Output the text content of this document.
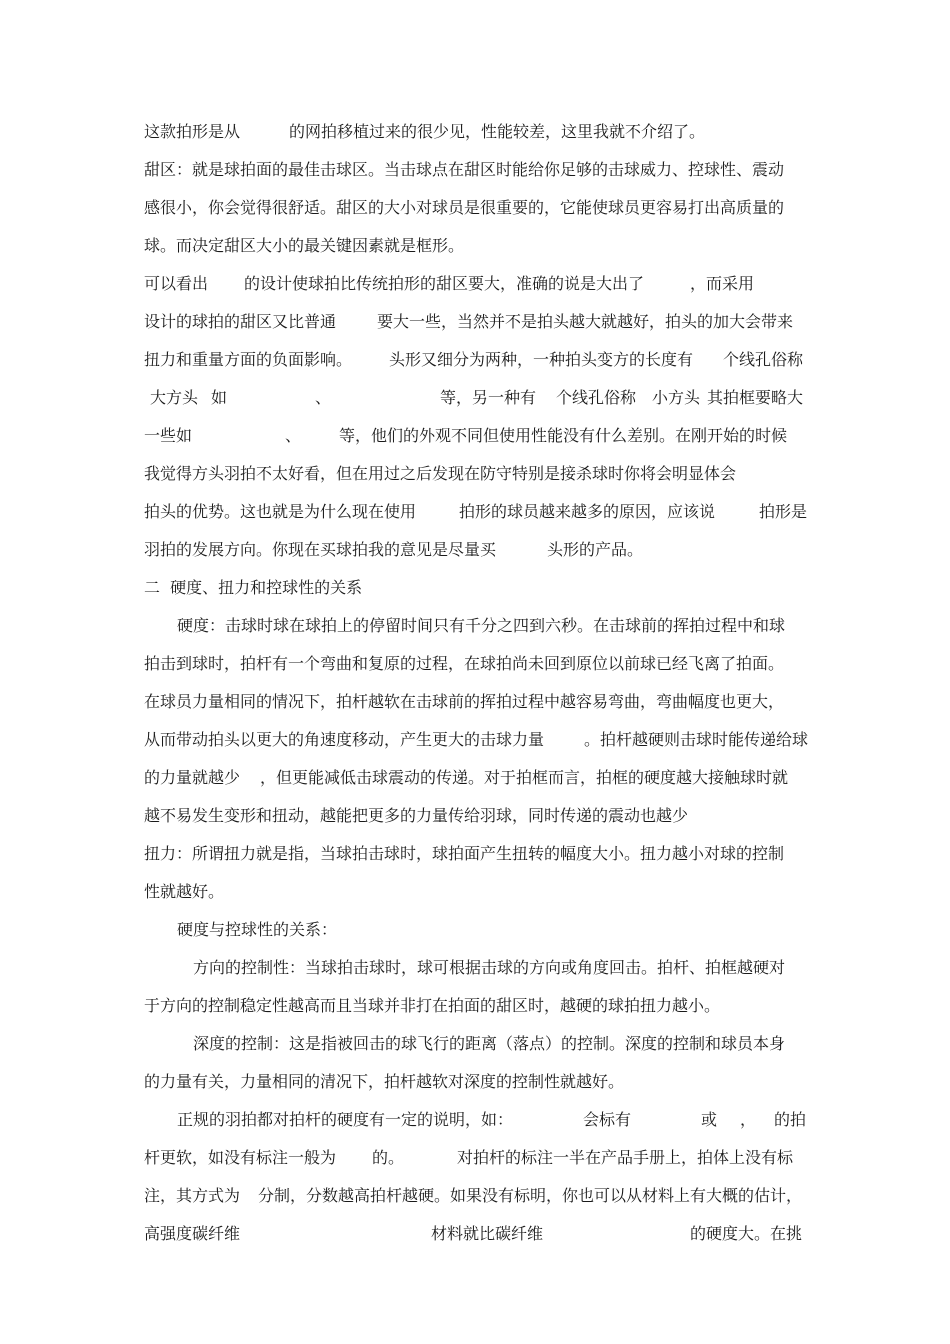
这款拍形是从	的网拍移植过来的很少见，性能较差，这里我就不介绍了。
甜区：就是球拍面的最佳击球区。当击球点在甜区时能给你足够的击球威力、控球性、震动
感很小，你会觉得很舒适。甜区的大小对球员是很重要的，它能使球员更容易打出高质量的
球。而决定甜区大小的最关键因素就是框形。
可以看出 的设计使球拍比传统拍形的甜区要大，准确的说是大出了	，而采用
设计的球拍的甜区又比普通	要大一些，当然并不是拍头越大就越好，拍头的加大会带来
扭力和重量方面的负面影响。 头形又细分为两种，一种拍头变方的长度有 个线孔俗称
大方头 如	、	等，另一种有 个线孔俗称 小方头 其拍框要略大
一些如	、 等，他们的外观不同但使用性能没有什么差别。在刚开始的时候
我觉得方头羽拍不太好看，但在用过之后发现在防守特别是接杀球时你将会明显体会
拍头的优势。这也就是为什么现在使用	拍形的球员越来越多的原因，应该说	拍形是
羽拍的发展方向。你现在买球拍我的意见是尽量买	头形的产品。
二  硬度、扭力和控球性的关系
硬度：击球时球在球拍上的停留时间只有千分之四到六秒。在击球前的挥拍过程中和球
拍击到球时，拍杆有一个弯曲和复原的过程，在球拍尚未回到原位以前球已经飞离了拍面。
在球员力量相同的情况下，拍杆越软在击球前的挥拍过程中越容易弯曲，弯曲幅度也更大，
从而带动拍头以更大的角速度移动，产生更大的击球力量 。拍杆越硬则击球时能传递给球
的力量就越少 ，但更能减低击球震动的传递。对于拍框而言，拍框的硬度越大接触球时就
越不易发生变形和扭动，越能把更多的力量传给羽球，同时传递的震动也越少
扭力：所谓扭力就是指，当球拍击球时，球拍面产生扭转的幅度大小。扭力越小对球的控制
性就越好。
硬度与控球性的关系：
方向的控制性：当球拍击球时，球可根据击球的方向或角度回击。拍杆、拍框越硬对
于方向的控制稳定性越高而且当球并非打在拍面的甜区时，越硬的球拍扭力越小。
深度的控制：这是指被回击的球飞行的距离（落点）的控制。深度的控制和球员本身
的力量有关，力量相同的清况下，拍杆越软对深度的控制性就越好。
正规的羽拍都对拍杆的硬度有一定的说明，如：	会标有	或 ， 的拍
杆更软，如没有标注一般为 的。	对拍杆的标注一半在产品手册上，拍体上没有标
注，其方式为 分制，分数越高拍杆越硬。如果没有标明，你也可以从材料上有大概的估计，
高强度碳纤维	材料就比碳纤维	的硬度大。在挑
